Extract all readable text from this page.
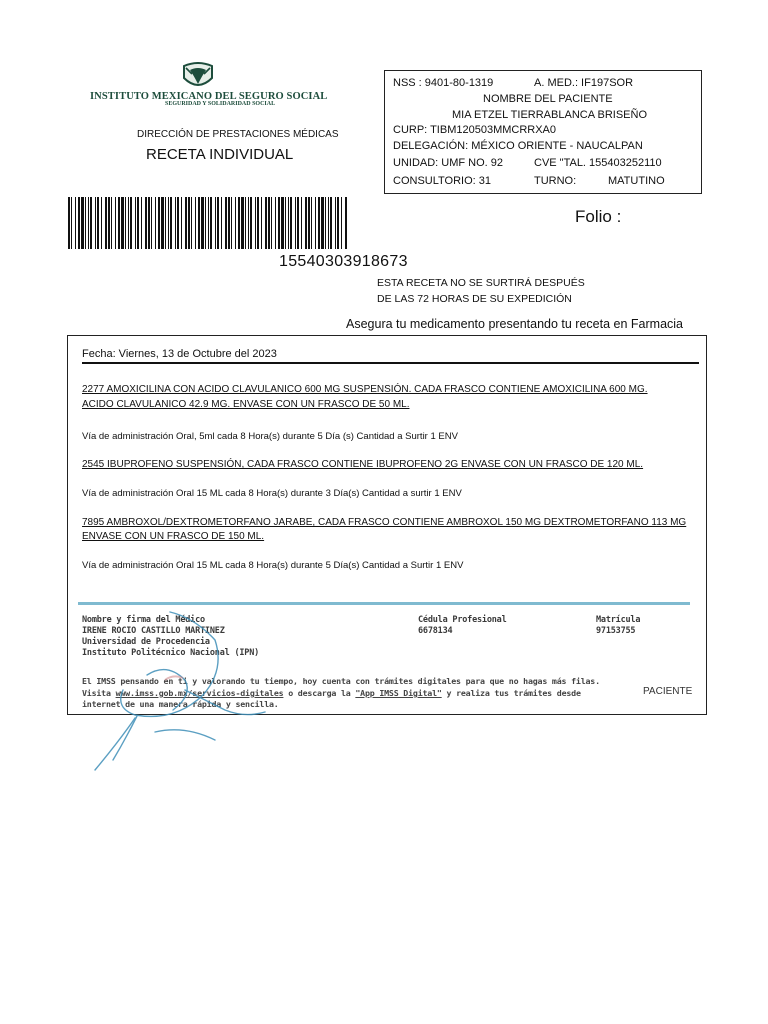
INSTITUTO MEXICANO DEL SEGURO SOCIAL
SEGURIDAD Y SOLIDARIDAD SOCIAL
DIRECCIÓN DE PRESTACIONES MÉDICAS
RECETA INDIVIDUAL
NSS : 9401-80-1319	A. MED.: IF197SOR
NOMBRE DEL PACIENTE
MIA ETZEL TIERRABLANCA BRISEÑO
CURP: TIBM120503MMCRRXA0
DELEGACIÓN: MÉXICO ORIENTE - NAUCALPAN
UNIDAD: UMF NO. 92	CVE "TAL. 155403252110
CONSULTORIO: 31	TURNO:	MATUTINO
Folio :
15540303918673
ESTA RECETA NO SE SURTIRÁ DESPUÉS
DE LAS 72 HORAS DE SU EXPEDICIÓN
Asegura tu medicamento presentando tu receta en Farmacia
Fecha: Viernes, 13 de Octubre del 2023
2277 AMOXICILINA CON ACIDO CLAVULANICO 600 MG SUSPENSIÓN. CADA FRASCO CONTIENE AMOXICILINA 600 MG.
ACIDO CLAVULANICO 42.9 MG. ENVASE CON UN FRASCO DE 50 ML.
Vía de administración Oral, 5ml cada 8 Hora(s) durante 5 Día (s) Cantidad a Surtir 1 ENV
2545 IBUPROFENO SUSPENSIÓN, CADA FRASCO CONTIENE IBUPROFENO 2G ENVASE CON UN FRASCO DE 120 ML.
Vía de administración Oral 15 ML cada 8 Hora(s) durante 3 Día(s) Cantidad a surtir 1 ENV
7895 AMBROXOL/DEXTROMETORFANO JARABE, CADA FRASCO CONTIENE AMBROXOL 150 MG DEXTROMETORFANO 113 MG
ENVASE CON UN FRASCO DE 150 ML.
Vía de administración Oral 15 ML cada 8 Hora(s) durante 5 Día(s) Cantidad a Surtir 1 ENV
Nombre y firma del Médico
IRENE ROCIO CASTILLO MARTINEZ
Universidad de Procedencia
Instituto Politécnico Nacional (IPN)
Cédula Profesional
6678134
Matrícula
97153755
El IMSS pensando en ti y valorando tu tiempo, hoy cuenta con trámites digitales para que no hagas más filas.
Visita www.imss.gob.mx/servicios-digitales o descarga la "App IMSS Digital" y realiza tus trámites desde
internet de una manera rápida y sencilla.
PACIENTE
